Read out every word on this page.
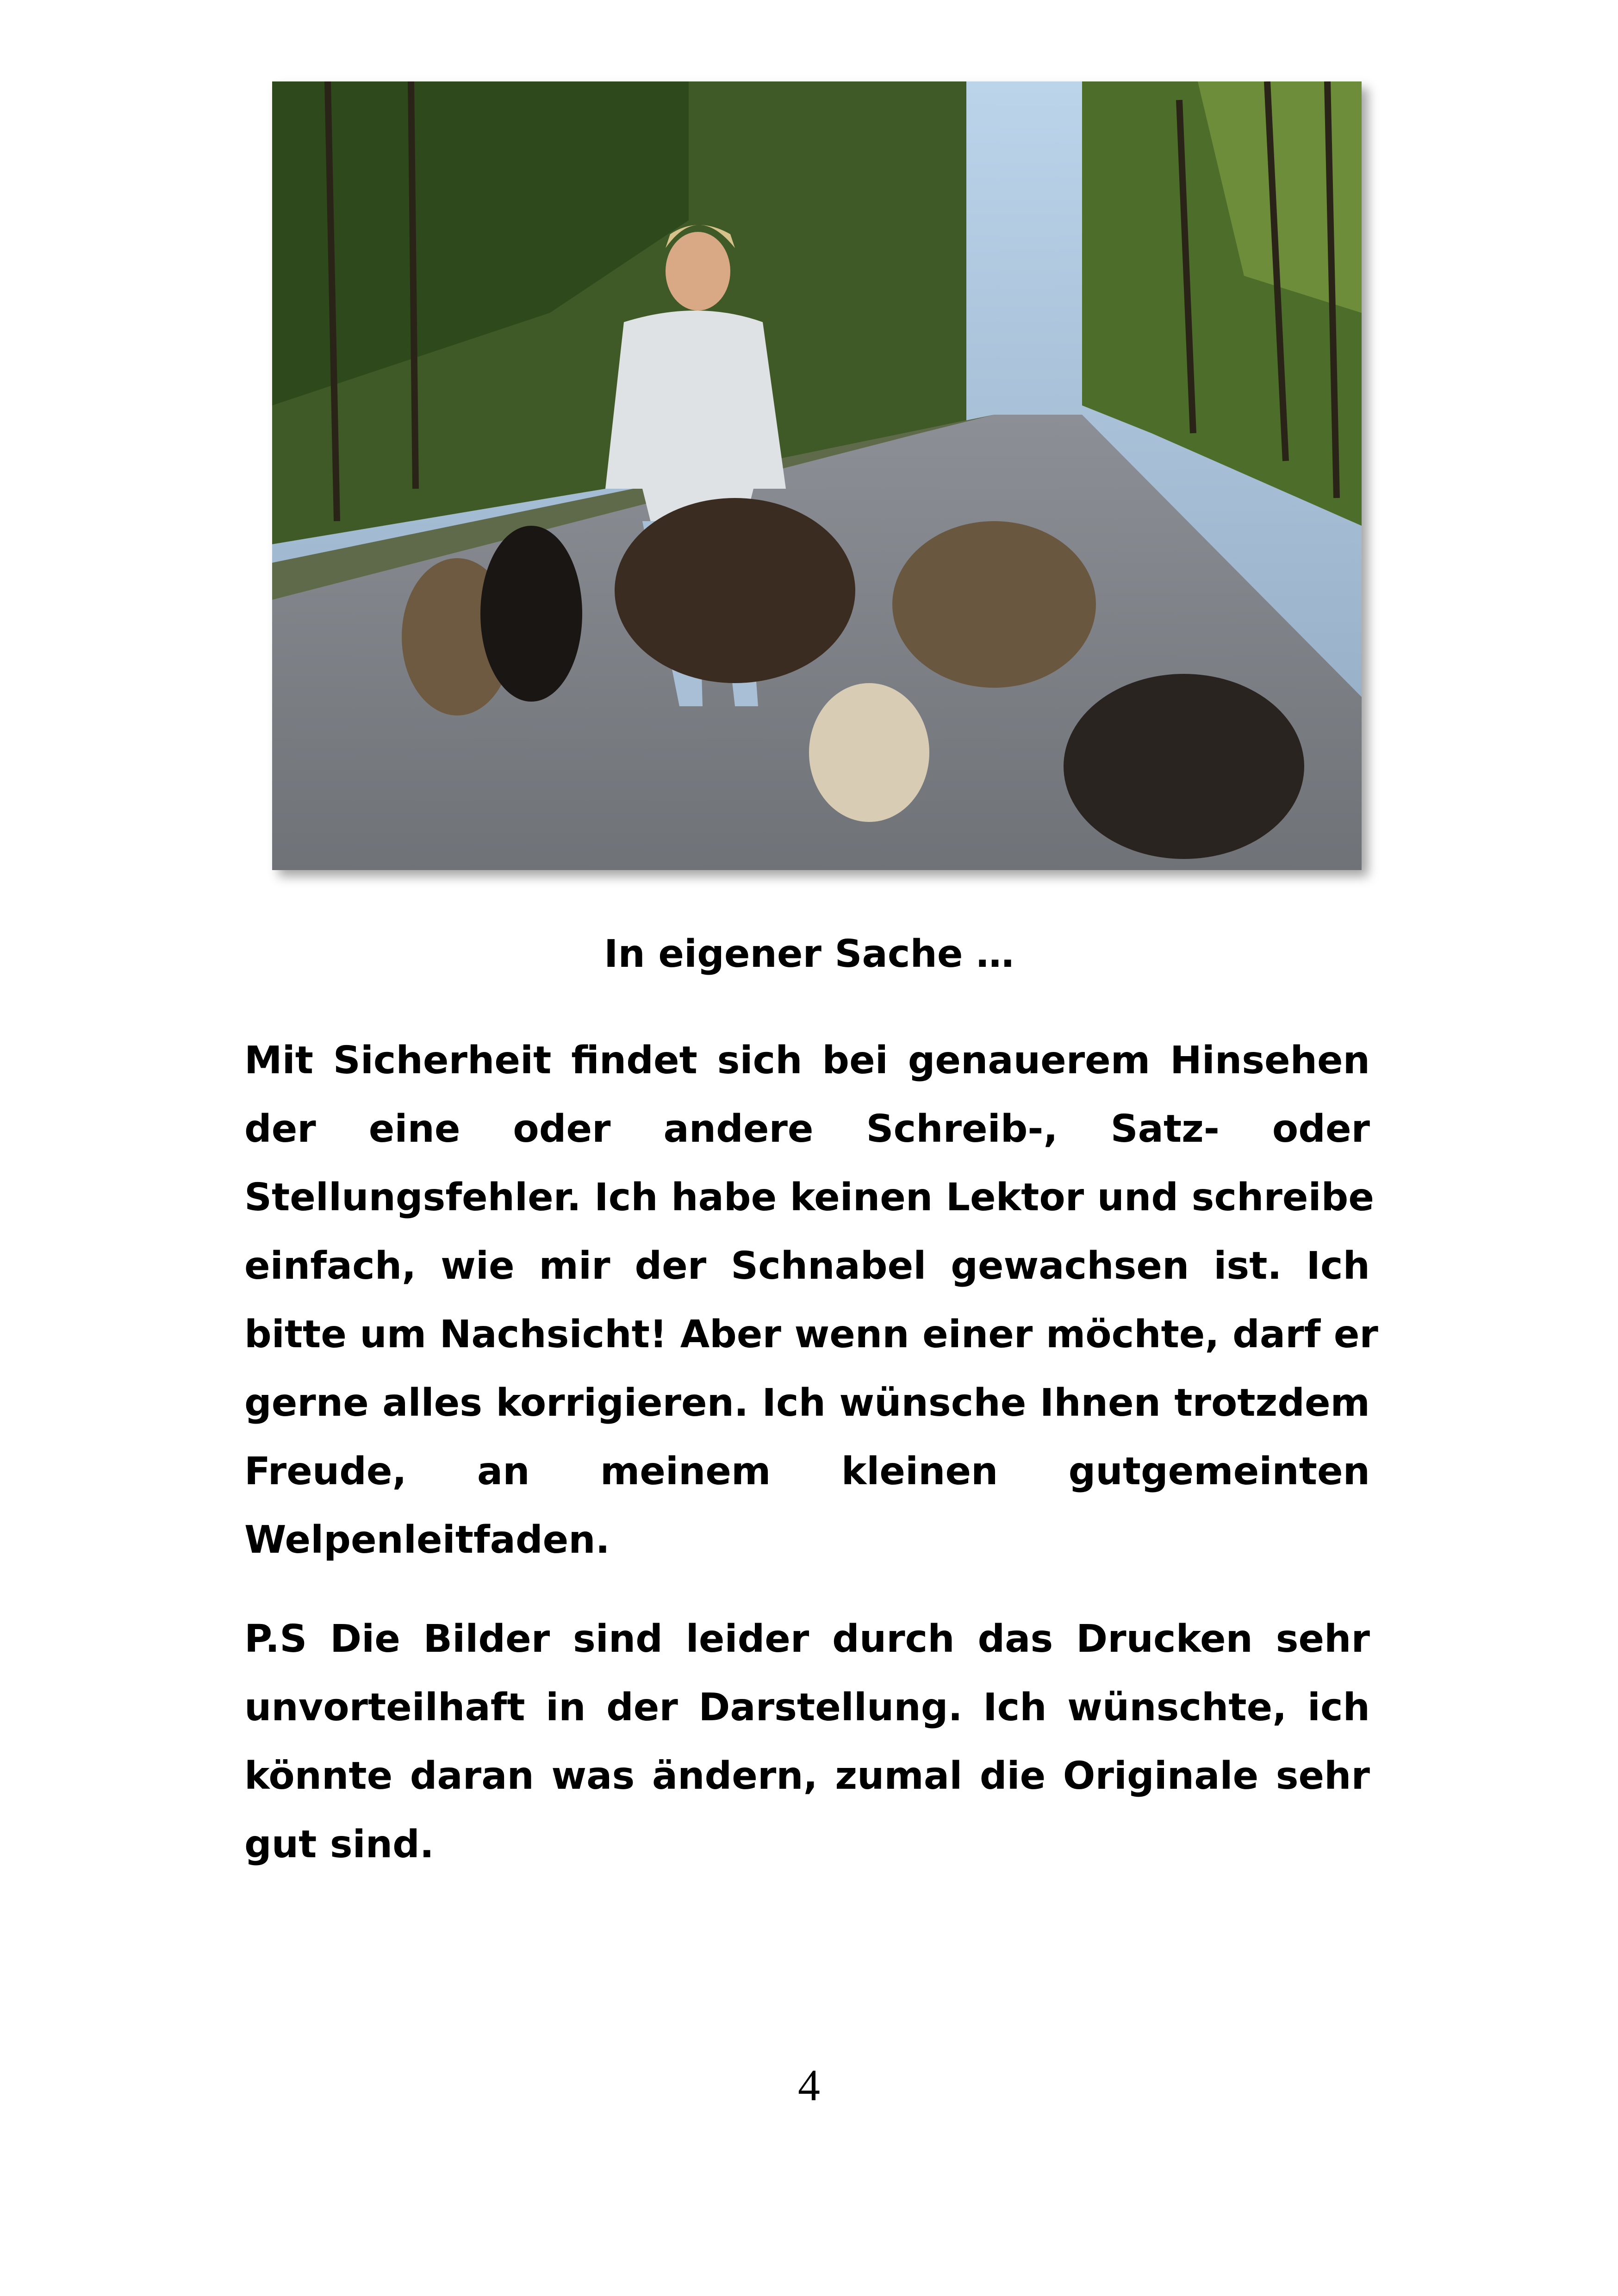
In eigener Sache …
Mit Sicherheit findet sich bei genauerem Hinsehen
der eine oder andere Schreib-, Satz- oder
Stellungsfehler. Ich habe keinen Lektor und schreibe
einfach, wie mir der Schnabel gewachsen ist. Ich
bitte um Nachsicht! Aber wenn einer möchte, darf er
gerne alles korrigieren. Ich wünsche Ihnen trotzdem
Freude, an meinem kleinen gutgemeinten
Welpenleitfaden.
P.S Die Bilder sind leider durch das Drucken sehr
unvorteilhaft in der Darstellung. Ich wünschte, ich
könnte daran was ändern, zumal die Originale sehr
gut sind.
4
